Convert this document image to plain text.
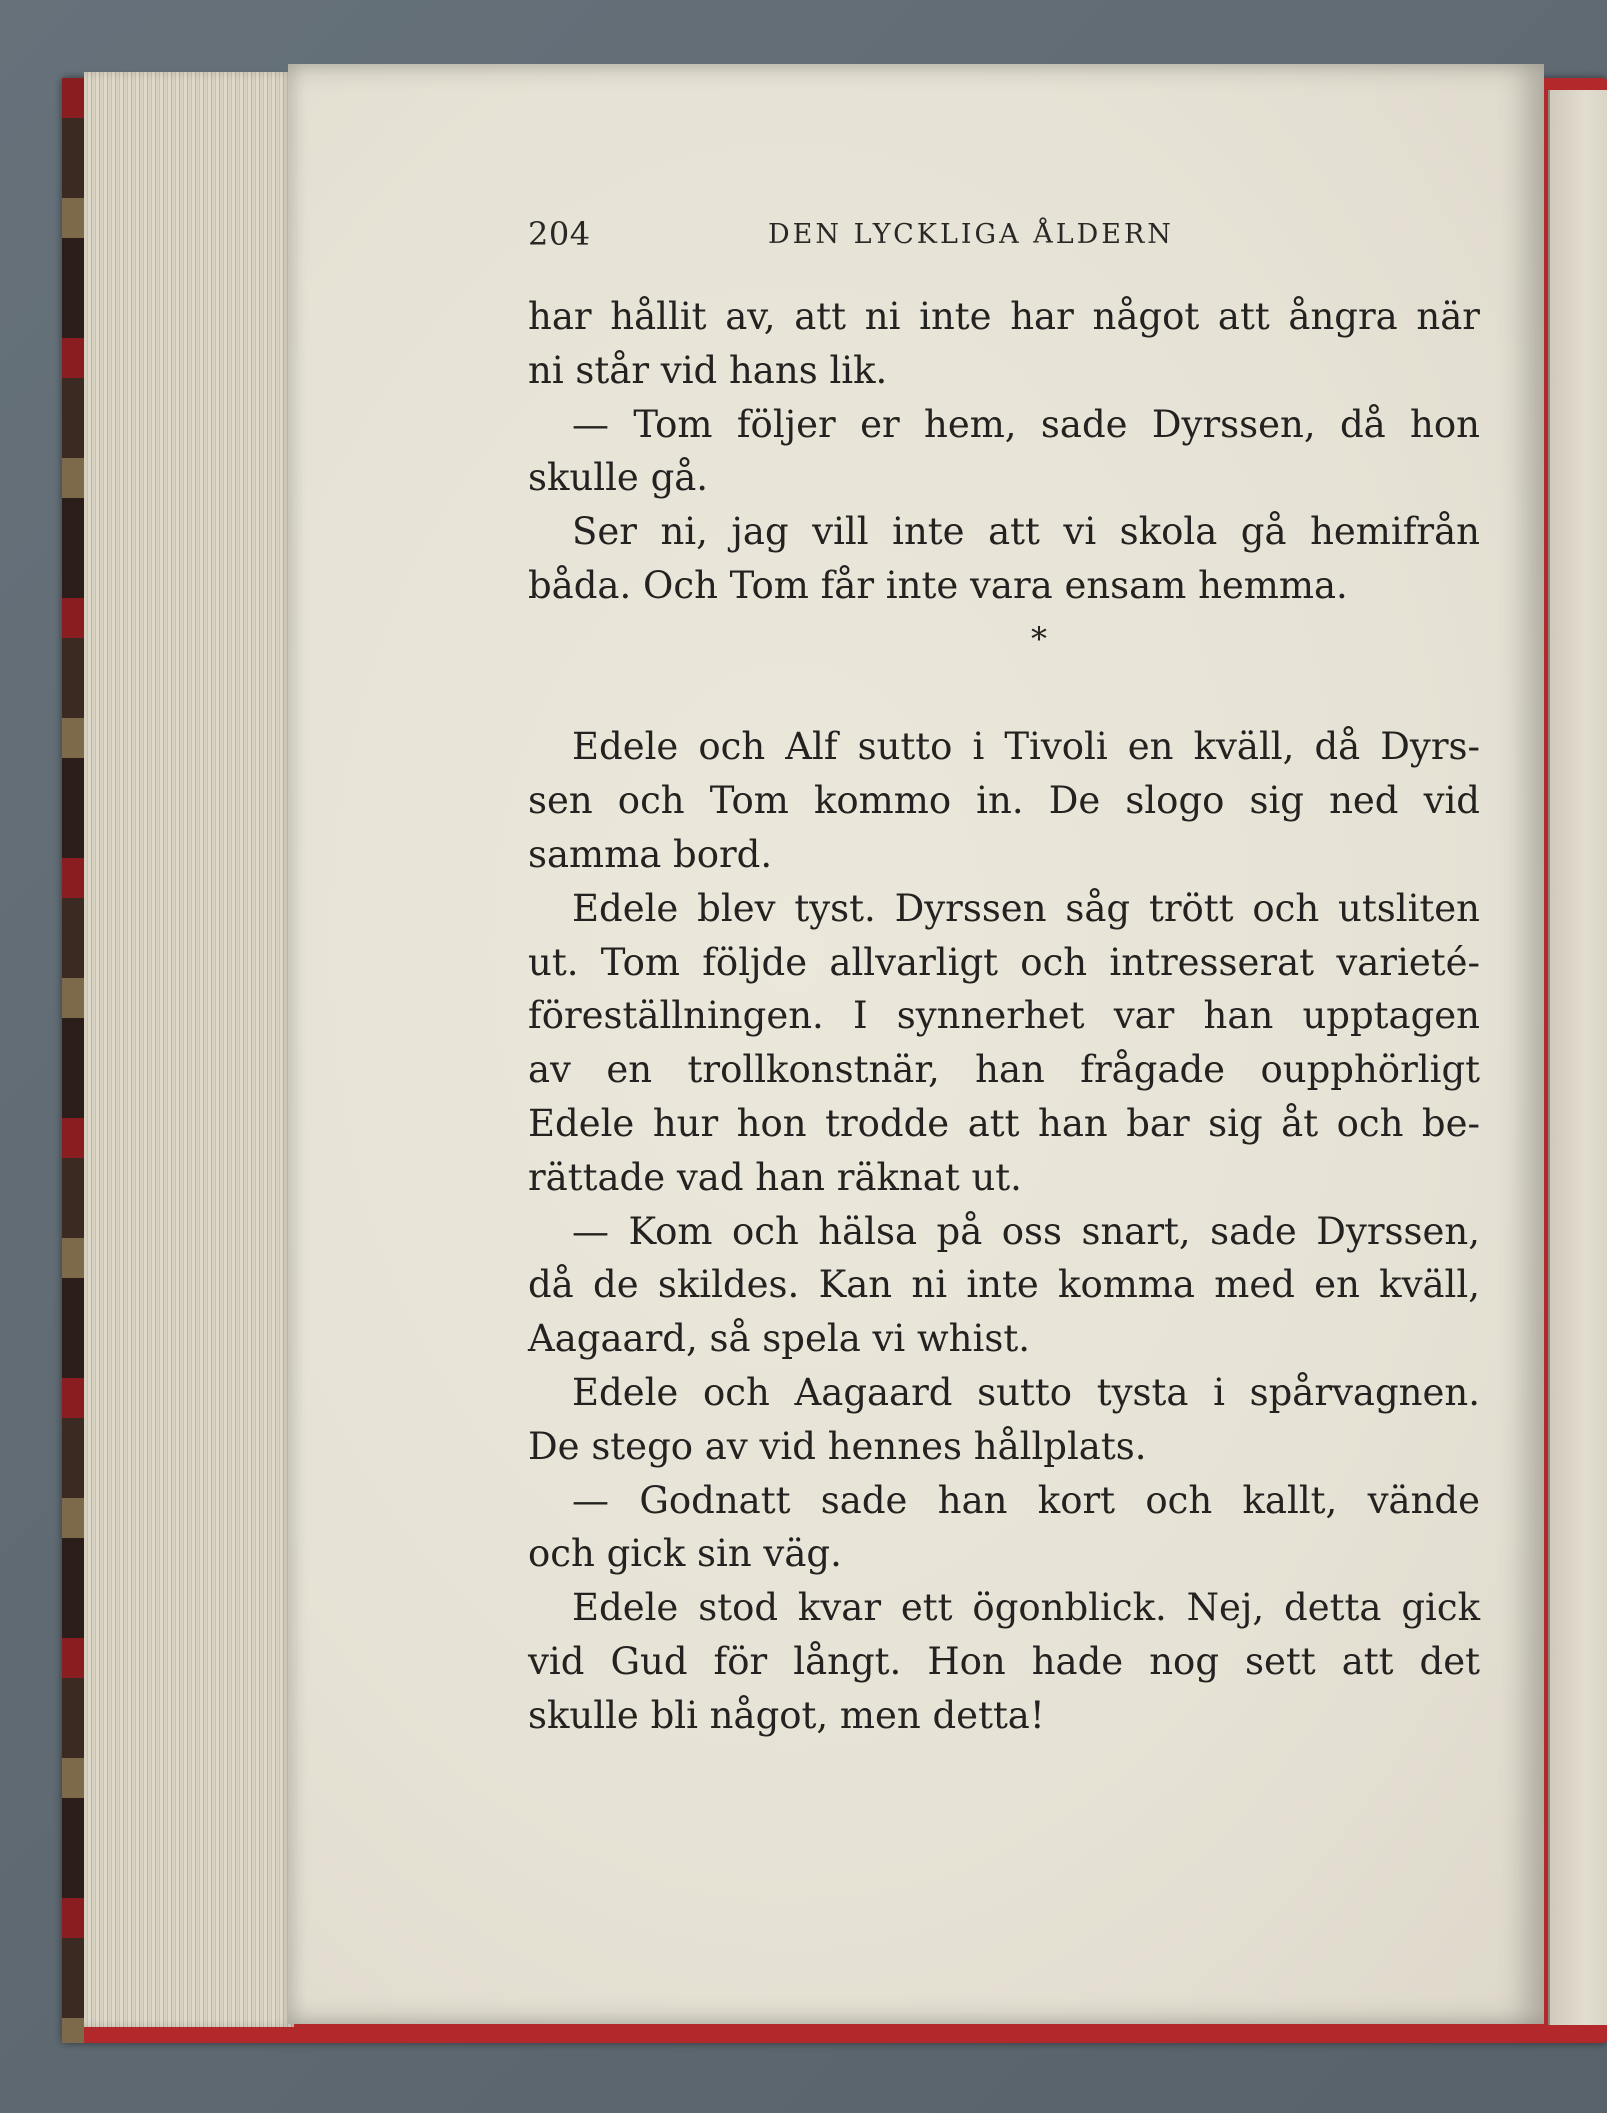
204	DEN LYCKLIGA ÅLDERN
har hållit av, att ni inte har något att ångra när
ni står vid hans lik.
— Tom följer er hem, sade Dyrssen, då hon
skulle gå.
Ser ni, jag vill inte att vi skola gå hemifrån
båda. Och Tom får inte vara ensam hemma.
*
Edele och Alf sutto i Tivoli en kväll, då Dyrs-
sen och Tom kommo in. De slogo sig ned vid
samma bord.
Edele blev tyst. Dyrssen såg trött och utsliten
ut. Tom följde allvarligt och intresserat varieté-
föreställningen. I synnerhet var han upptagen
av en trollkonstnär, han frågade oupphörligt
Edele hur hon trodde att han bar sig åt och be-
rättade vad han räknat ut.
— Kom och hälsa på oss snart, sade Dyrssen,
då de skildes. Kan ni inte komma med en kväll,
Aagaard, så spela vi whist.
Edele och Aagaard sutto tysta i spårvagnen.
De stego av vid hennes hållplats.
— Godnatt sade han kort och kallt, vände
och gick sin väg.
Edele stod kvar ett ögonblick. Nej, detta gick
vid Gud för långt. Hon hade nog sett att det
skulle bli något, men detta!
